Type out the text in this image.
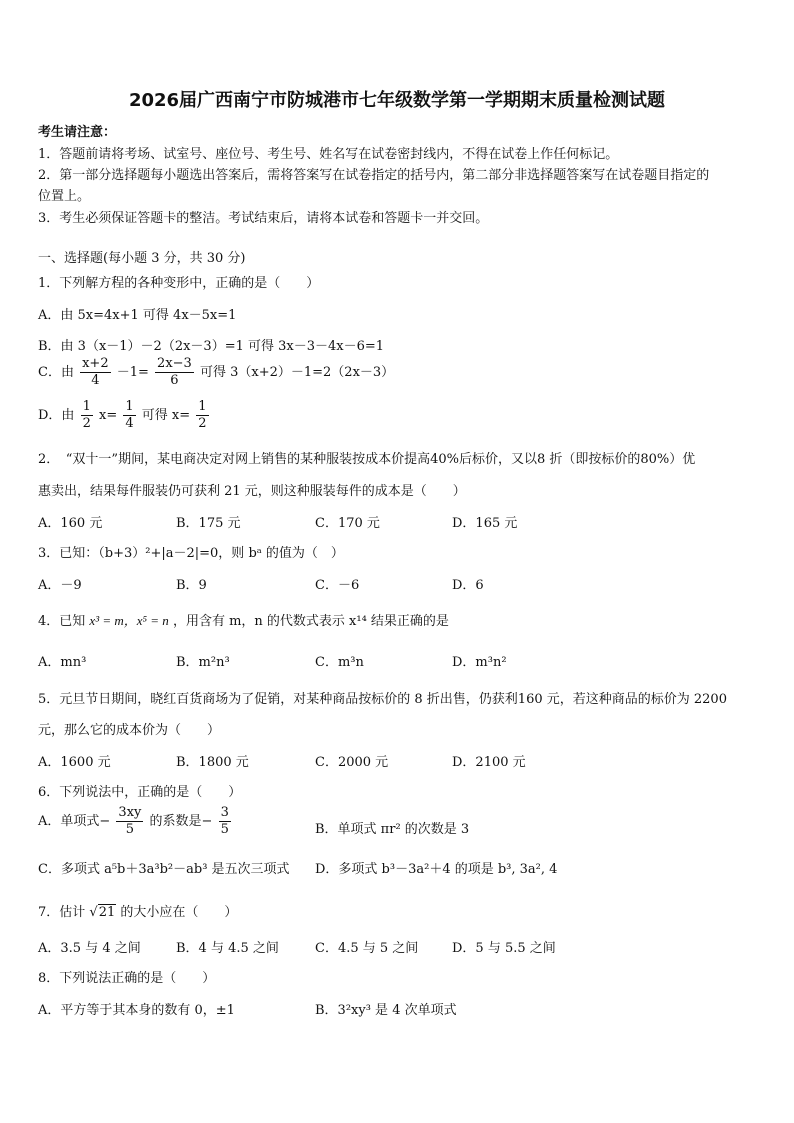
2026届广西南宁市防城港市七年级数学第一学期期末质量检测试题
考生请注意：
1．答题前请将考场、试室号、座位号、考生号、姓名写在试卷密封线内，不得在试卷上作任何标记。
2．第一部分选择题每小题选出答案后，需将答案写在试卷指定的括号内，第二部分非选择题答案写在试卷题目指定的
位置上。
3．考生必须保证答题卡的整洁。考试结束后，请将本试卷和答题卡一并交回。
一、选择题(每小题 3 分，共 30 分)
1．下列解方程的各种变形中，正确的是（　　）
A．由 5x=4x+1 可得 4x－5x=1
B．由 3（x－1）－2（2x－3）=1 可得 3x－3－4x－6=1
C．由 $\frac{x+2}{4} -1= \frac{2x-3}{6}$ 可得 3（x+2）－1=2（2x－3）
D．由 $\frac{1}{2} x= \frac{1}{4}$ 可得 $x= \frac{1}{2}$
2．　“双十一”期间，某电商决定对网上销售的某种服装按成本价提高40%后标价，又以8 折（即按标价的80%）优
惠卖出，结果每件服装仍可获利 21 元，则这种服装每件的成本是（　　）
A．160 元	B．175 元	C．170 元	D．165 元
3．已知：（b+3）²+|a－2|=0，则 bᵃ 的值为（　）
A．－9	B．9	C．－6	D．6
4．已知 x³ = m，x⁵ = n ，用含有 m，n 的代数式表示 x¹⁴ 结果正确的是
A．mn³	B．m²n³	C．m³n	D．m³n²
5．元旦节日期间，晓红百货商场为了促销，对某种商品按标价的 8 折出售，仍获利160 元，若这种商品的标价为 2200
元，那么它的成本价为（　　）
A．1600 元	B．1800 元	C．2000 元	D．2100 元
6．下列说法中，正确的是（　　）
A．单项式− $\frac{3xy}{5}$ 的系数是− $\frac{3}{5}$	B．单项式 πr² 的次数是 3
C．多项式 a⁵b＋3a³b²－ab³ 是五次三项式 D．多项式 b³－3a²＋4 的项是 b³, 3a², 4
7．估计 √21 的大小应在（　　）
A．3.5 与 4 之间	B．4 与 4.5 之间	C．4.5 与 5 之间	D．5 与 5.5 之间
8．下列说法正确的是（　　）
A．平方等于其本身的数有 0，±1	B．3²xy³ 是 4 次单项式
